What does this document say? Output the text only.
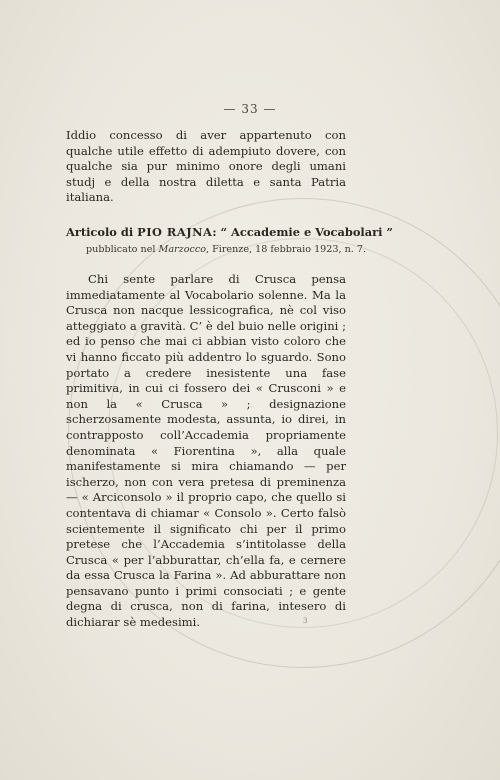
— 33 —

Iddio concesso di aver appartenuto con qualche utile effetto di adempiuto dovere, con qualche sia pur minimo onore degli umani studj e della nostra diletta e santa Patria italiana.

Articolo di PIO RAJNA: “ Accademie e Vocabolari ”
pubblicato nel Marzocco, Firenze, 18 febbraio 1923, n. 7.

Chi sente parlare di Crusca pensa immediatamente al Vocabolario solenne. Ma la Crusca non nacque lessicografica, nè col viso atteggiato a gravità. C’ è del buio nelle origini ; ed io penso che mai ci abbian visto coloro che vi hanno ficcato più addentro lo sguardo. Sono portato a credere inesistente una fase primitiva, in cui ci fossero dei « Crusconi » e non la « Crusca » ; designazione scherzosamente modesta, assunta, io direi, in contrapposto coll’Accademia propriamente denominata « Fiorentina », alla quale manifestamente si mira chiamando — per ischerzo, non con vera pretesa di preminenza — « Arciconsolo » il proprio capo, che quello si contentava di chiamar « Consolo ». Certo falsò scientemente il significato chi per il primo pretese che l’Accademia s’intitolasse della Crusca « per l’abburattar, ch’ella fa, e cernere da essa Crusca la Farina ». Ad abburattare non pensavano punto i primi consociati ; e gente degna di crusca, non di farina, intesero di dichiarar sè medesimi.	3
